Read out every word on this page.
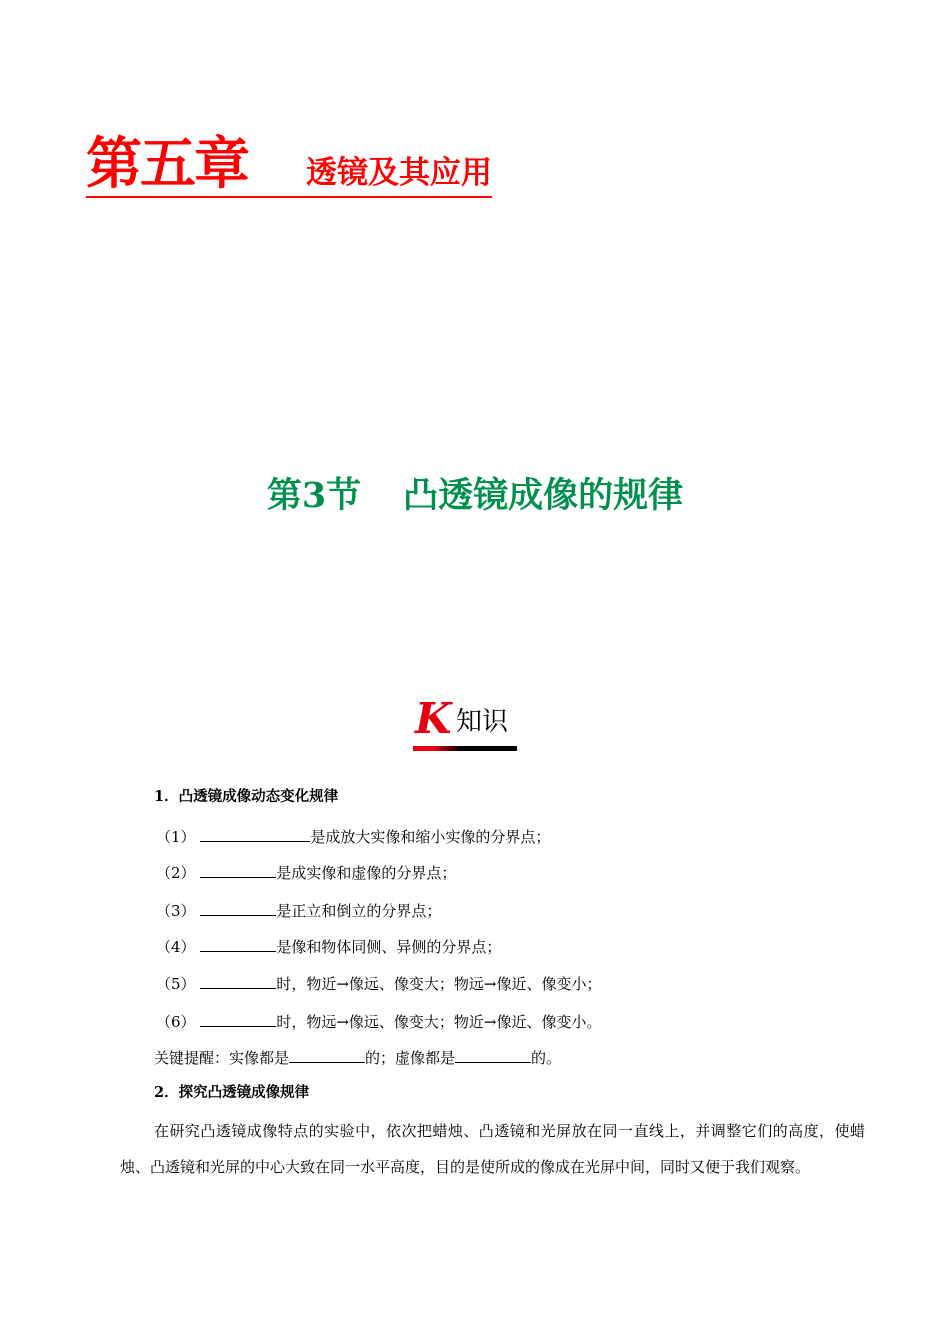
第五章 透镜及其应用
第3节 凸透镜成像的规律
K 知识
1．凸透镜成像动态变化规律
（1）	是成放大实像和缩小实像的分界点；
（2）	是成实像和虚像的分界点；
（3）	是正立和倒立的分界点；
（4）	是像和物体同侧、异侧的分界点；
（5）	时，物近→像远、像变大；物远→像近、像变小；
（6）	时，物远→像远、像变大；物近→像近、像变小。
关键提醒：实像都是	的；虚像都是	的。
2．探究凸透镜成像规律
在研究凸透镜成像特点的实验中，依次把蜡烛、凸透镜和光屏放在同一直线上，并调整它们的高度，使蜡烛、凸透镜和光屏的中心大致在同一水平高度，目的是使所成的像成在光屏中间，同时又便于我们观察。
